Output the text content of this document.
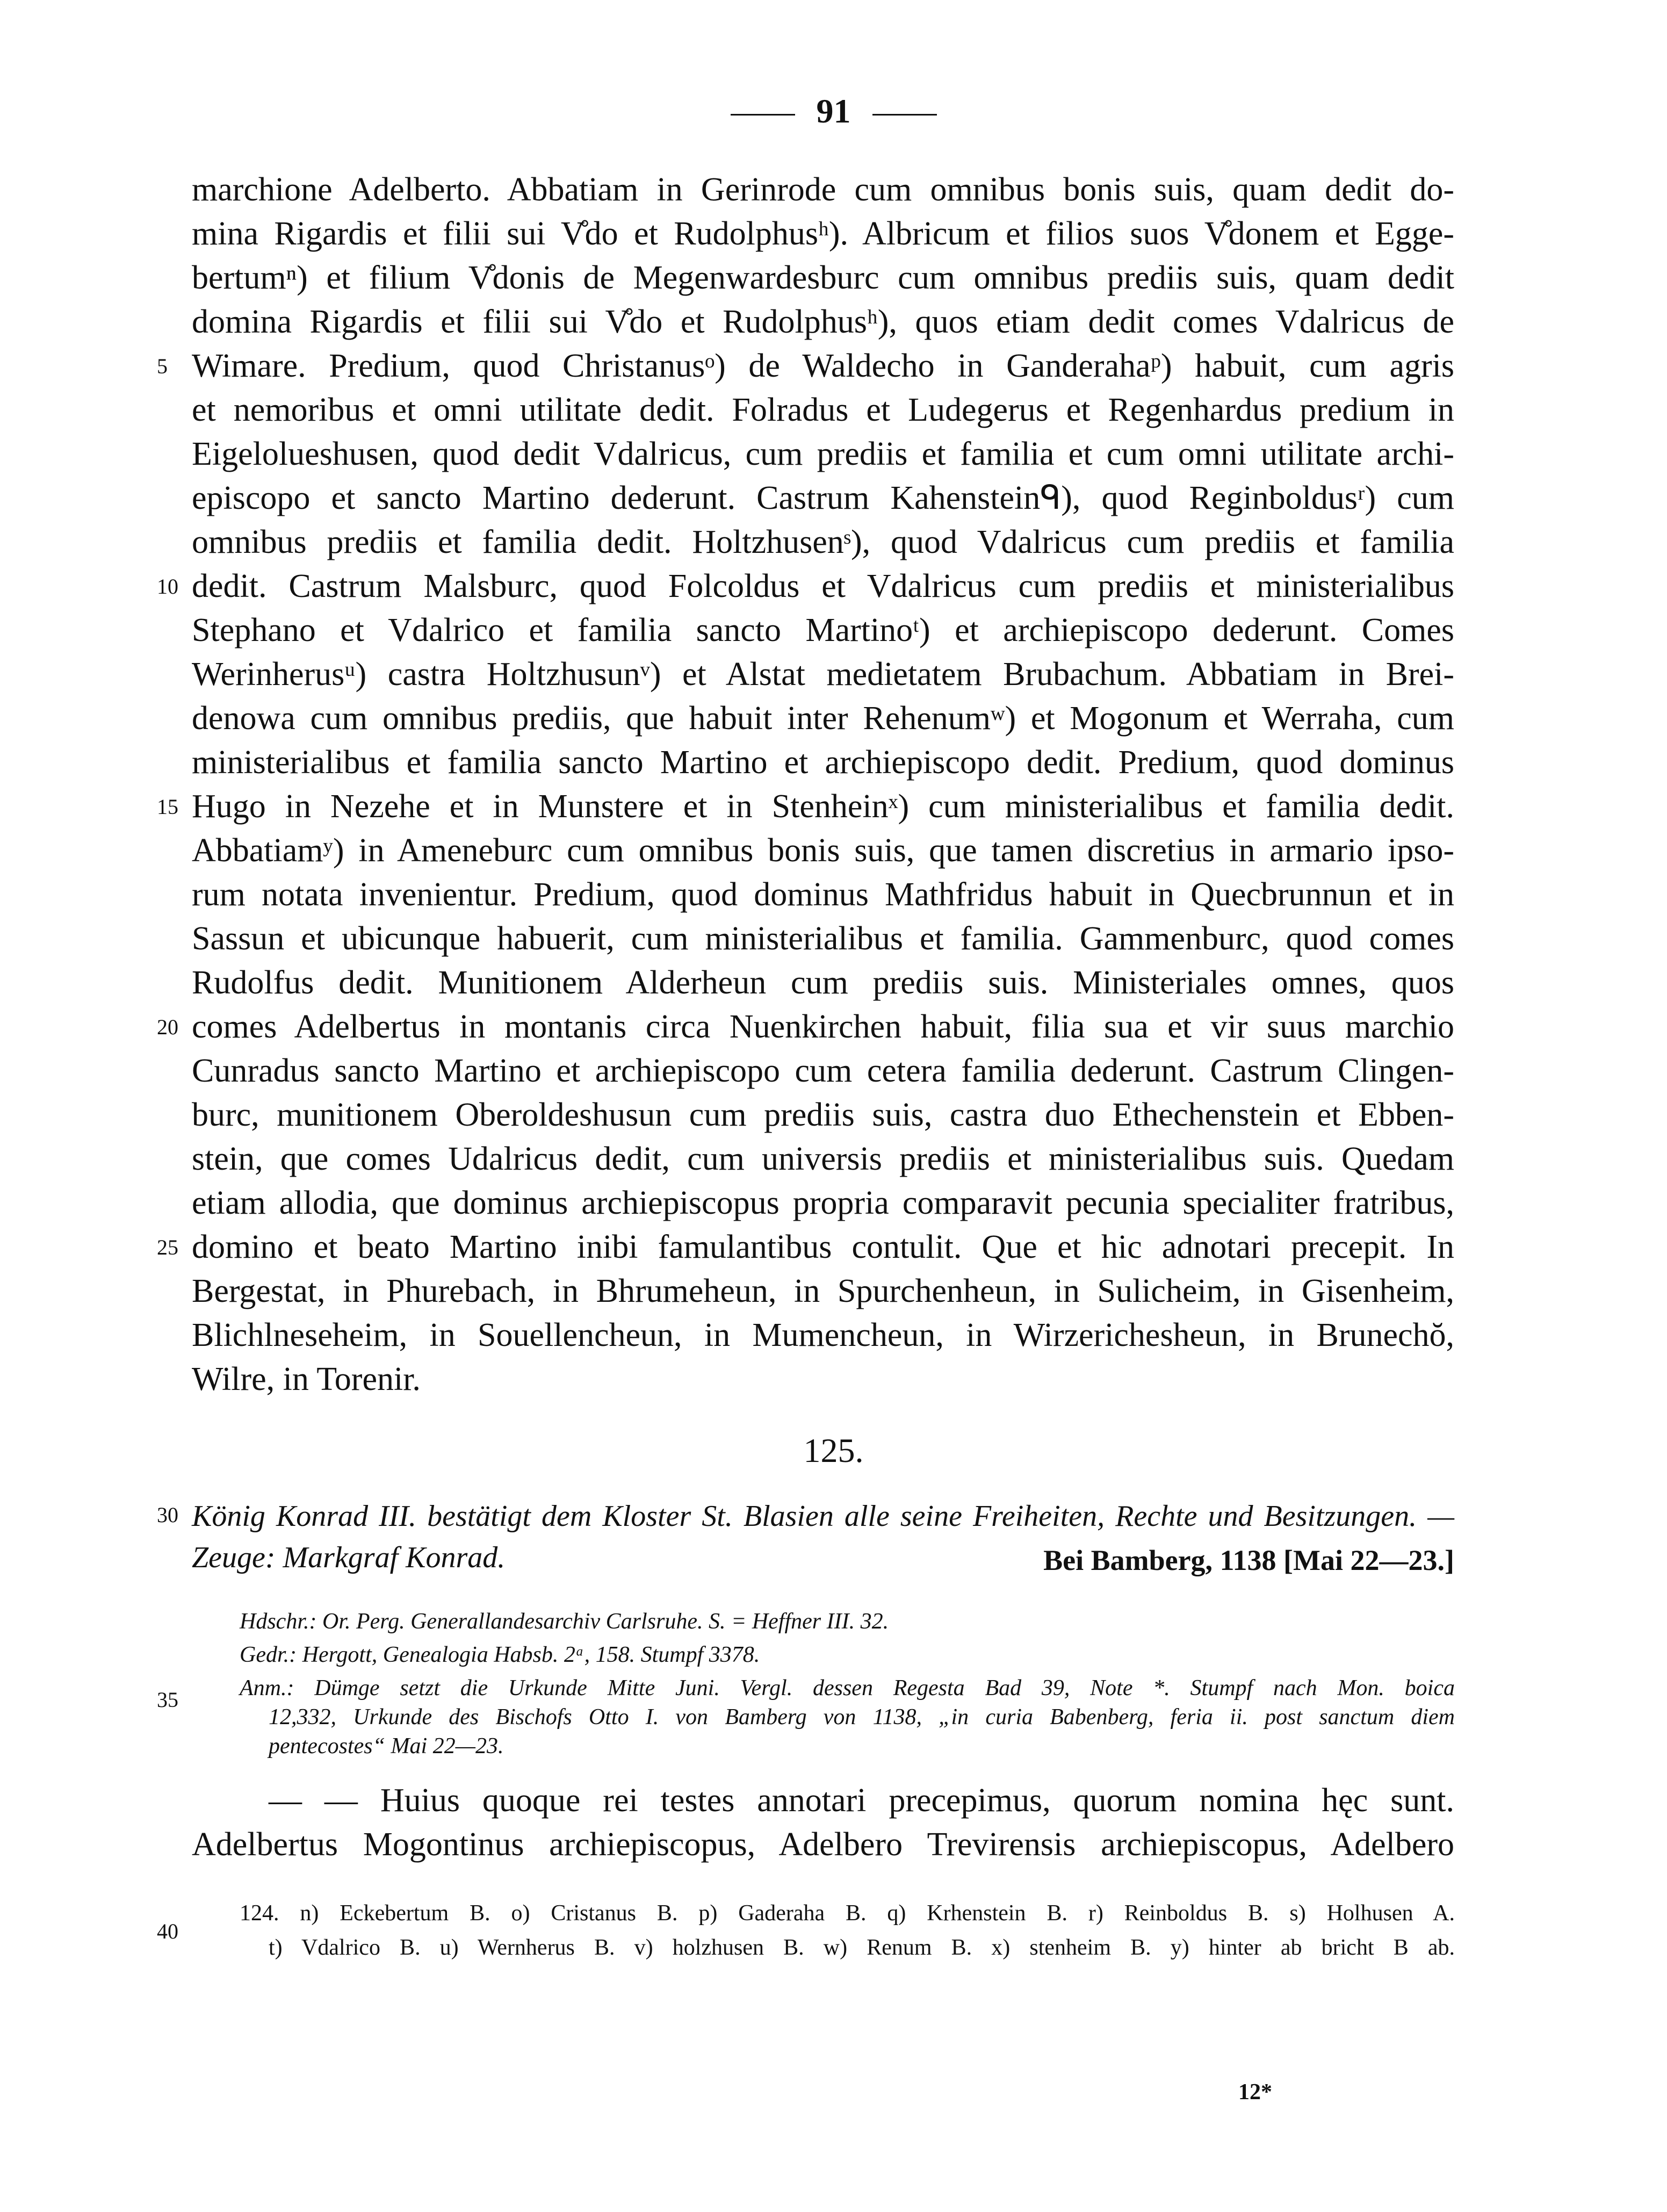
91
marchione Adelberto. Abbatiam in Gerinrode cum omnibus bonis suis, quam dedit do-
mina Rigardis et filii sui V̊do et Rudolphusʰ). Albricum et filios suos V̊donem et Egge-
bertumⁿ) et filium V̊donis de Megenwardesburc cum omnibus prediis suis, quam dedit
domina Rigardis et filii sui V̊do et Rudolphusʰ), quos etiam dedit comes Vdalricus de
Wimare. Predium, quod Christanusᵒ) de Waldecho in Ganderahaᵖ) habuit, cum agris
et nemoribus et omni utilitate dedit. Folradus et Ludegerus et Regenhardus predium in
Eigelolueshusen, quod dedit Vdalricus, cum prediis et familia et cum omni utilitate archi-
episcopo et sancto Martino dederunt. Castrum Kahensteinᑫ), quod Reginboldusʳ) cum
omnibus prediis et familia dedit. Holtzhusenˢ), quod Vdalricus cum prediis et familia
dedit. Castrum Malsburc, quod Folcoldus et Vdalricus cum prediis et ministerialibus
Stephano et Vdalrico et familia sancto Martinoᵗ) et archiepiscopo dederunt. Comes
Werinherusᵘ) castra Holtzhusunᵛ) et Alstat medietatem Brubachum. Abbatiam in Brei-
denowa cum omnibus prediis, que habuit inter Rehenumʷ) et Mogonum et Werraha, cum
ministerialibus et familia sancto Martino et archiepiscopo dedit. Predium, quod dominus
Hugo in Nezehe et in Munstere et in Stenheinˣ) cum ministerialibus et familia dedit.
Abbatiamʸ) in Ameneburc cum omnibus bonis suis, que tamen discretius in armario ipso-
rum notata invenientur. Predium, quod dominus Mathfridus habuit in Quecbrunnun et in
Sassun et ubicunque habuerit, cum ministerialibus et familia. Gammenburc, quod comes
Rudolfus dedit. Munitionem Alderheun cum prediis suis. Ministeriales omnes, quos
comes Adelbertus in montanis circa Nuenkirchen habuit, filia sua et vir suus marchio
Cunradus sancto Martino et archiepiscopo cum cetera familia dederunt. Castrum Clingen-
burc, munitionem Oberoldeshusun cum prediis suis, castra duo Ethechenstein et Ebben-
stein, que comes Udalricus dedit, cum universis prediis et ministerialibus suis. Quedam
etiam allodia, que dominus archiepiscopus propria comparavit pecunia specialiter fratribus,
domino et beato Martino inibi famulantibus contulit. Que et hic adnotari precepit. In
Bergestat, in Phurebach, in Bhrumeheun, in Spurchenheun, in Sulicheim, in Gisenheim,
Blichlneseheim, in Souellencheun, in Mumencheun, in Wirzerichesheun, in Brunechŏ,
Wilre, in Torenir.
5
10
15
20
25
30
35
40
125.
König Konrad III. bestätigt dem Kloster St. Blasien alle seine Freiheiten, Rechte und Besitzungen. —
Zeuge: Markgraf Konrad.	Bei Bamberg, 1138 [Mai 22—23.]
Hdschr.: Or. Perg. Generallandesarchiv Carlsruhe. S. = Heffner III. 32.
Gedr.: Hergott, Genealogia Habsb. 2ᵃ, 158. Stumpf 3378.
Anm.: Dümge setzt die Urkunde Mitte Juni. Vergl. dessen Regesta Bad 39, Note *. Stumpf nach Mon. boica
12,332, Urkunde des Bischofs Otto I. von Bamberg von 1138, „in curia Babenberg, feria ii. post sanctum diem
pentecostes“ Mai 22—23.
— — Huius quoque rei testes annotari precepimus, quorum nomina hęc sunt.
Adelbertus Mogontinus archiepiscopus, Adelbero Trevirensis archiepiscopus, Adelbero
124. n) Eckebertum B. o) Cristanus B. p) Gaderaha B. q) Krhenstein B. r) Reinboldus B. s) Holhusen A.
t) Vdalrico B. u) Wernherus B. v) holzhusen B. w) Renum B. x) stenheim B. y) hinter ab bricht B ab.
12*
